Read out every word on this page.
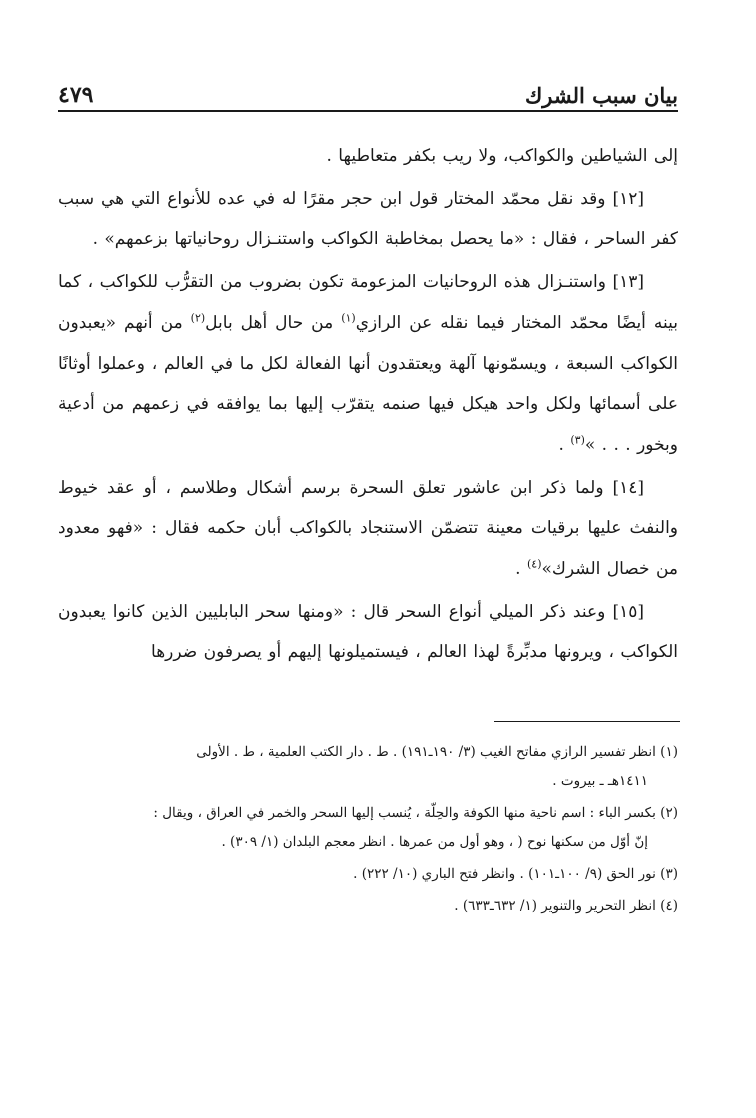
بيان سبب الشرك
٤٧٩

إلى الشياطين والكواكب، ولا ريب بكفر متعاطيها .

[١٢] وقد نقل محمّد المختار قول ابن حجر مقرًا له في عده للأنواع التي هي سبب كفر الساحر ، فقال : «ما يحصل بمخاطبة الكواكب واستنـزال روحانياتها بزعمهم» .

[١٣] واستنـزال هذه الروحانيات المزعومة تكون بضروب من التقرُّب للكواكب ، كما بينه أيضًا محمّد المختار فيما نقله عن الرازي$^{(١)}$ من حال أهل بابل$^{(٢)}$ من أنهم «يعبدون الكواكب السبعة ، ويسمّونها آلهة ويعتقدون أنها الفعالة لكل ما في العالم ، وعملوا أوثانًا على أسمائها ولكل واحد هيكل فيها صنمه يتقرّب إليها بما يوافقه في زعمهم من أدعية وبخور . . . »$^{(٣)}$ .

[١٤] ولما ذكر ابن عاشور تعلق السحرة برسم أشكال وطلاسم ، أو عقد خيوط والنفث عليها برقيات معينة تتضمّن الاستنجاد بالكواكب أبان حكمه فقال : «فهو معدود من خصال الشرك»$^{(٤)}$ .

[١٥] وعند ذكر الميلي أنواع السحر قال : «ومنها سحر البابليين الذين كانوا يعبدون الكواكب ، ويرونها مدبِّرةً لهذا العالم ، فيستميلونها إليهم أو يصرفون ضررها

(١) انظر تفسير الرازي مفاتح الغيب (٣/ ١٩٠ـ١٩١) . ط . دار الكتب العلمية ، ط . الأولى
١٤١١هـ ـ بيروت .

(٢) بكسر الباء : اسم ناحية منها الكوفة والحِلّة ، يُنسب إليها السحر والخمر في العراق ، ويقال :
إنّ أوّل من سكنها نوح ( ، وهو أول من عمرها . انظر معجم البلدان (١/ ٣٠٩) .

(٣) نور الحق (٩/ ١٠٠ـ١٠١) . وانظر فتح الباري (١٠/ ٢٢٢) .

(٤) انظر التحرير والتنوير (١/ ٦٣٢ـ٦٣٣) .
